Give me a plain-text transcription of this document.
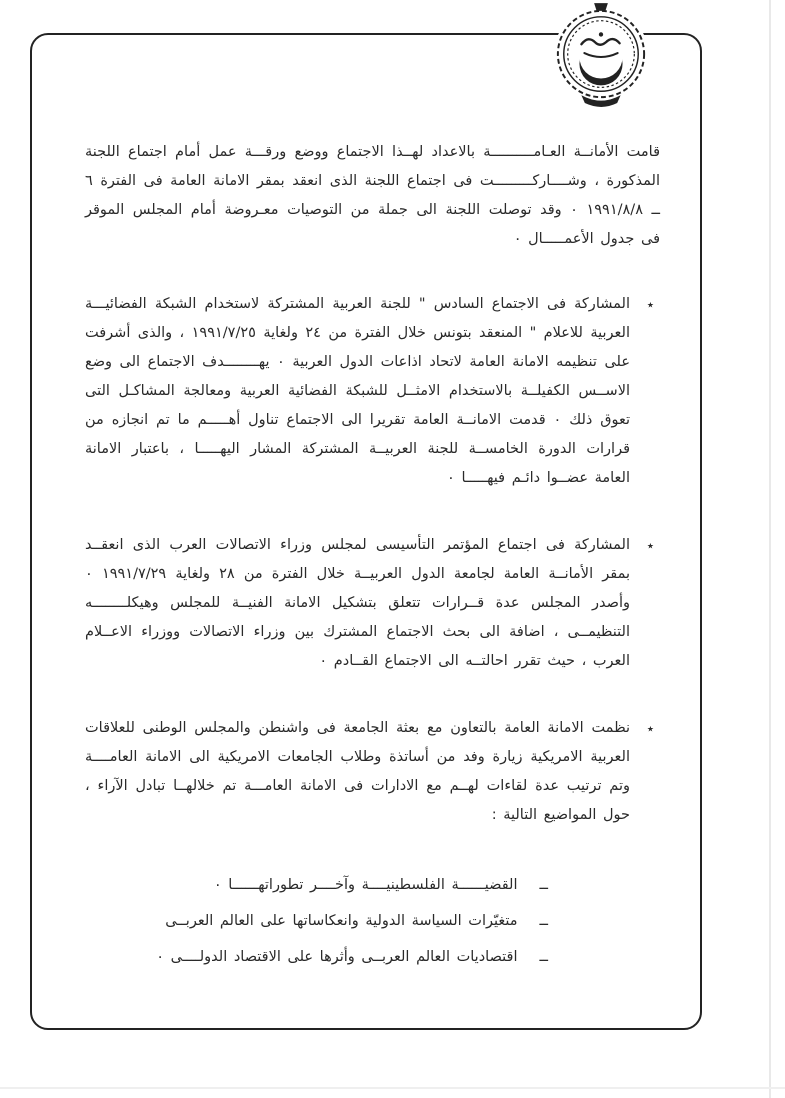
قامت الأمانــة العـامــــــــــة بالاعداد لهــذا الاجتماع ووضع ورقـــة عمل أمام اجتماع اللجنة المذكورة ، وشــــاركـــــــــت فى اجتماع اللجنة الذى انعقد بمقر الامانة العامة فى الفترة ٦ ــ ١٩٩١/٨/٨ ٠ وقد توصلت اللجنة الى جملة من التوصيات معـروضة أمام المجلس الموقر فى جدول الأعمـــــال ٠

٭

المشاركة فى الاجتماع السادس " للجنة العربية المشتركة لاستخدام الشبكة الفضائيـــة العربية للاعلام " المنعقد بتونس خلال الفترة من ٢٤ ولغاية ١٩٩١/٧/٢٥ ، والذى أشرفت على تنظيمه الامانة العامة لاتحاد اذاعات الدول العربية ٠ يهــــــــدف الاجتماع الى وضع الاســس الكفيلــة بالاستخدام الامثــل للشبكة الفضائية العربية ومعالجة المشاكـل التى تعوق ذلك ٠ قدمت الامانــة العامة تقريرا الى الاجتماع تناول أهـــــم ما تم انجازه من قرارات الدورة الخامســة للجنة العربيــة المشتركة المشار اليهـــــا ، باعتبار الامانة العامة عضــوا دائـم فيهـــــا ٠

٭

المشاركة فى اجتماع المؤتمر التأسيسى لمجلس وزراء الاتصالات العرب الذى انعقــد بمقر الأمانــة العامة لجامعة الدول العربيــة خلال الفترة من ٢٨ ولغاية ١٩٩١/٧/٢٩ ٠ وأصدر المجلس عدة قــرارات تتعلق بتشكيل الامانة الفنيــة للمجلس وهيكلــــــــه التنظيمــى ، اضافة الى بحث الاجتماع المشترك بين وزراء الاتصالات ووزراء الاعــلام العرب ، حيث تقرر احالتــه الى الاجتماع القــادم ٠

٭

نظمت الامانة العامة بالتعاون مع بعثة الجامعة فى واشنطن والمجلس الوطنى للعلاقات العربية الامريكية زيارة وفد من أساتذة وطلاب الجامعات الامريكية الى الامانة العامــــة وتم ترتيب عدة لقاءات لهــم مع الادارات فى الامانة العامـــة تم خلالهــا تبادل الآراء ، حول المواضيع التالية :

ــ
القضيــــــة الفلسطينيــــة وآخــــر تطوراتهــــــا ٠
ــ
متغيّرات السياسة الدولية وانعكاساتها على العالم العربــى
ــ
اقتصاديات العالم العربــى وأثرها على الاقتصاد الدولــــى ٠
